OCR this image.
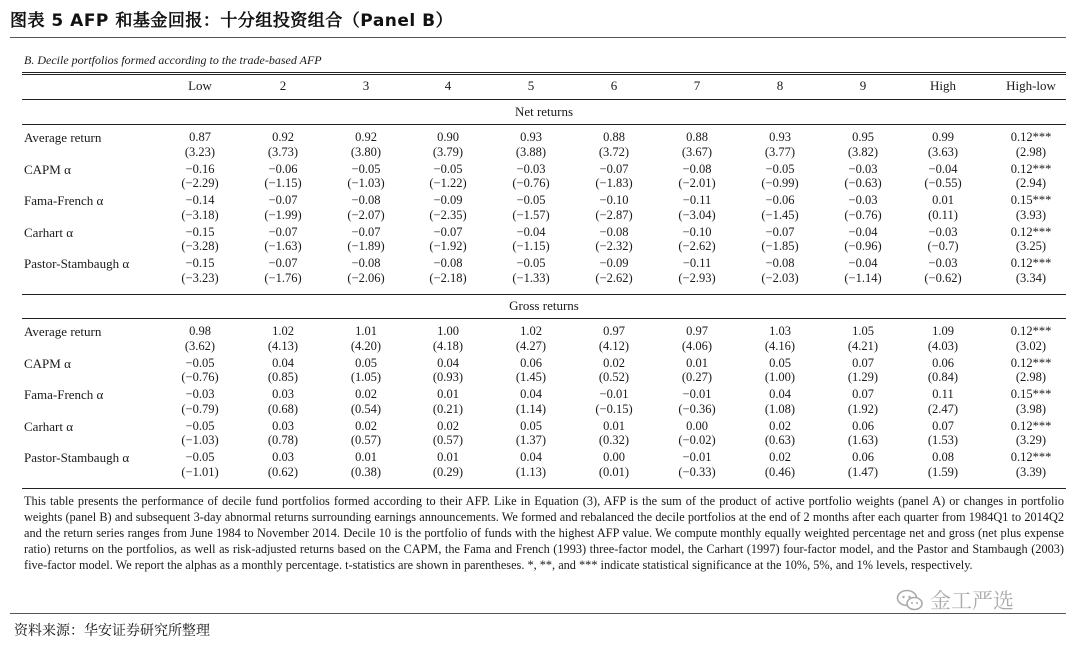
图表 5 AFP 和基金回报：十分组投资组合（Panel B）
B. Decile portfolios formed according to the trade-based AFP
Low	2	3	4	5	6	7	8	9	High	High-low
Net returns
Average return	0.87	0.92	0.92	0.90	0.93	0.88	0.88	0.93	0.95	0.99	0.12***
(3.23)	(3.73)	(3.80)	(3.79)	(3.88)	(3.72)	(3.67)	(3.77)	(3.82)	(3.63)	(2.98)
CAPM α	−0.16	−0.06	−0.05	−0.05	−0.03	−0.07	−0.08	−0.05	−0.03	−0.04	0.12***
(−2.29)	(−1.15)	(−1.03)	(−1.22)	(−0.76)	(−1.83)	(−2.01)	(−0.99)	(−0.63)	(−0.55)	(2.94)
Fama-French α	−0.14	−0.07	−0.08	−0.09	−0.05	−0.10	−0.11	−0.06	−0.03	0.01	0.15***
(−3.18)	(−1.99)	(−2.07)	(−2.35)	(−1.57)	(−2.87)	(−3.04)	(−1.45)	(−0.76)	(0.11)	(3.93)
Carhart α	−0.15	−0.07	−0.07	−0.07	−0.04	−0.08	−0.10	−0.07	−0.04	−0.03	0.12***
(−3.28)	(−1.63)	(−1.89)	(−1.92)	(−1.15)	(−2.32)	(−2.62)	(−1.85)	(−0.96)	(−0.7)	(3.25)
Pastor-Stambaugh α	−0.15	−0.07	−0.08	−0.08	−0.05	−0.09	−0.11	−0.08	−0.04	−0.03	0.12***
(−3.23)	(−1.76)	(−2.06)	(−2.18)	(−1.33)	(−2.62)	(−2.93)	(−2.03)	(−1.14)	(−0.62)	(3.34)
Gross returns
Average return	0.98	1.02	1.01	1.00	1.02	0.97	0.97	1.03	1.05	1.09	0.12***
(3.62)	(4.13)	(4.20)	(4.18)	(4.27)	(4.12)	(4.06)	(4.16)	(4.21)	(4.03)	(3.02)
CAPM α	−0.05	0.04	0.05	0.04	0.06	0.02	0.01	0.05	0.07	0.06	0.12***
(−0.76)	(0.85)	(1.05)	(0.93)	(1.45)	(0.52)	(0.27)	(1.00)	(1.29)	(0.84)	(2.98)
Fama-French α	−0.03	0.03	0.02	0.01	0.04	−0.01	−0.01	0.04	0.07	0.11	0.15***
(−0.79)	(0.68)	(0.54)	(0.21)	(1.14)	(−0.15)	(−0.36)	(1.08)	(1.92)	(2.47)	(3.98)
Carhart α	−0.05	0.03	0.02	0.02	0.05	0.01	0.00	0.02	0.06	0.07	0.12***
(−1.03)	(0.78)	(0.57)	(0.57)	(1.37)	(0.32)	(−0.02)	(0.63)	(1.63)	(1.53)	(3.29)
Pastor-Stambaugh α	−0.05	0.03	0.01	0.01	0.04	0.00	−0.01	0.02	0.06	0.08	0.12***
(−1.01)	(0.62)	(0.38)	(0.29)	(1.13)	(0.01)	(−0.33)	(0.46)	(1.47)	(1.59)	(3.39)
This table presents the performance of decile fund portfolios formed according to their AFP. Like in Equation (3), AFP is the sum of the product of active portfolio weights (panel A) or changes in portfolio weights (panel B) and subsequent 3-day abnormal returns surrounding earnings announcements. We formed and rebalanced the decile portfolios at the end of 2 months after each quarter from 1984Q1 to 2014Q2 and the return series ranges from June 1984 to November 2014. Decile 10 is the portfolio of funds with the highest AFP value. We compute monthly equally weighted percentage net and gross (net plus expense ratio) returns on the portfolios, as well as risk-adjusted returns based on the CAPM, the Fama and French (1993) three-factor model, the Carhart (1997) four-factor model, and the Pastor and Stambaugh (2003) five-factor model. We report the alphas as a monthly percentage. t-statistics are shown in parentheses. *, **, and *** indicate statistical significance at the 10%, 5%, and 1% levels, respectively.
金工严选
资料来源：华安证券研究所整理
